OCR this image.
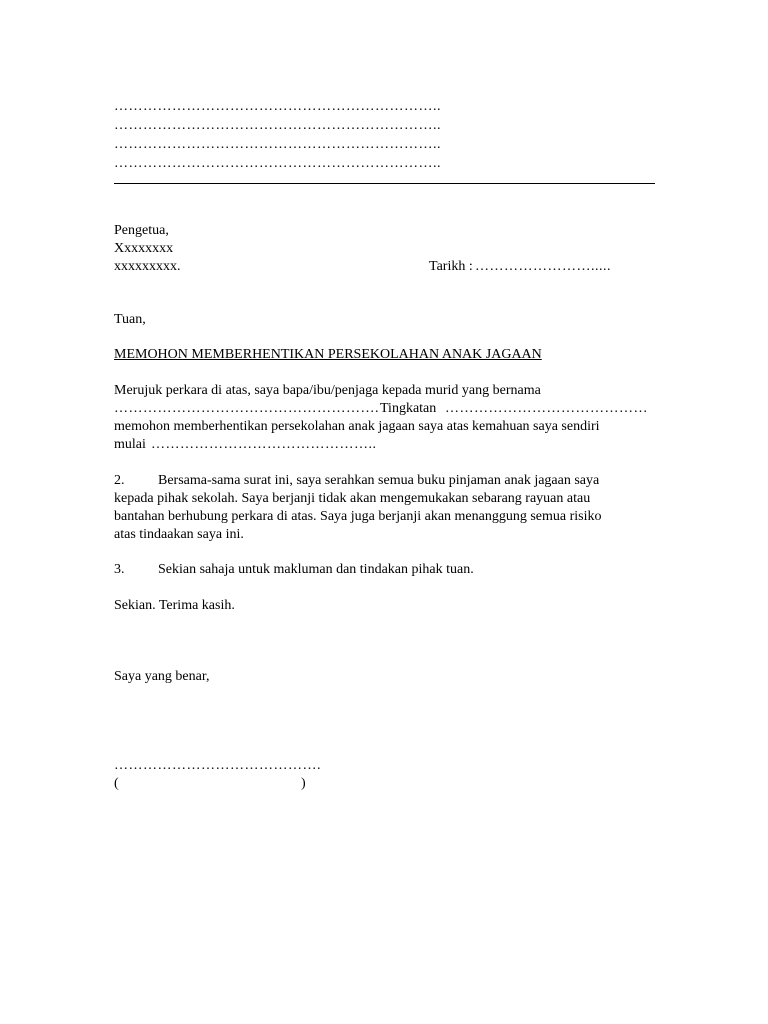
…………………………………………………………..
…………………………………………………………..
…………………………………………………………..
…………………………………………………………..
Pengetua,
Xxxxxxxx
xxxxxxxxx.	Tarikh : …………………….....
Tuan,
MEMOHON MEMBERHENTIKAN PERSEKOLAHAN ANAK JAGAAN
Merujuk perkara di atas, saya bapa/ibu/penjaga kepada murid yang bernama
………………………………………………. Tingkatan ……………………………………
memohon memberhentikan persekolahan anak jagaan saya atas kemahuan saya sendiri
mulai ………………………………………..
2. Bersama-sama surat ini, saya serahkan semua buku pinjaman anak jagaan saya
kepada pihak sekolah. Saya berjanji tidak akan mengemukakan sebarang rayuan atau
bantahan berhubung perkara di atas. Saya juga berjanji akan menanggung semua risiko
atas tindaakan saya ini.
3. Sekian sahaja untuk makluman dan tindakan pihak tuan.
Sekian. Terima kasih.
Saya yang benar,
…………………………………….
(	)
